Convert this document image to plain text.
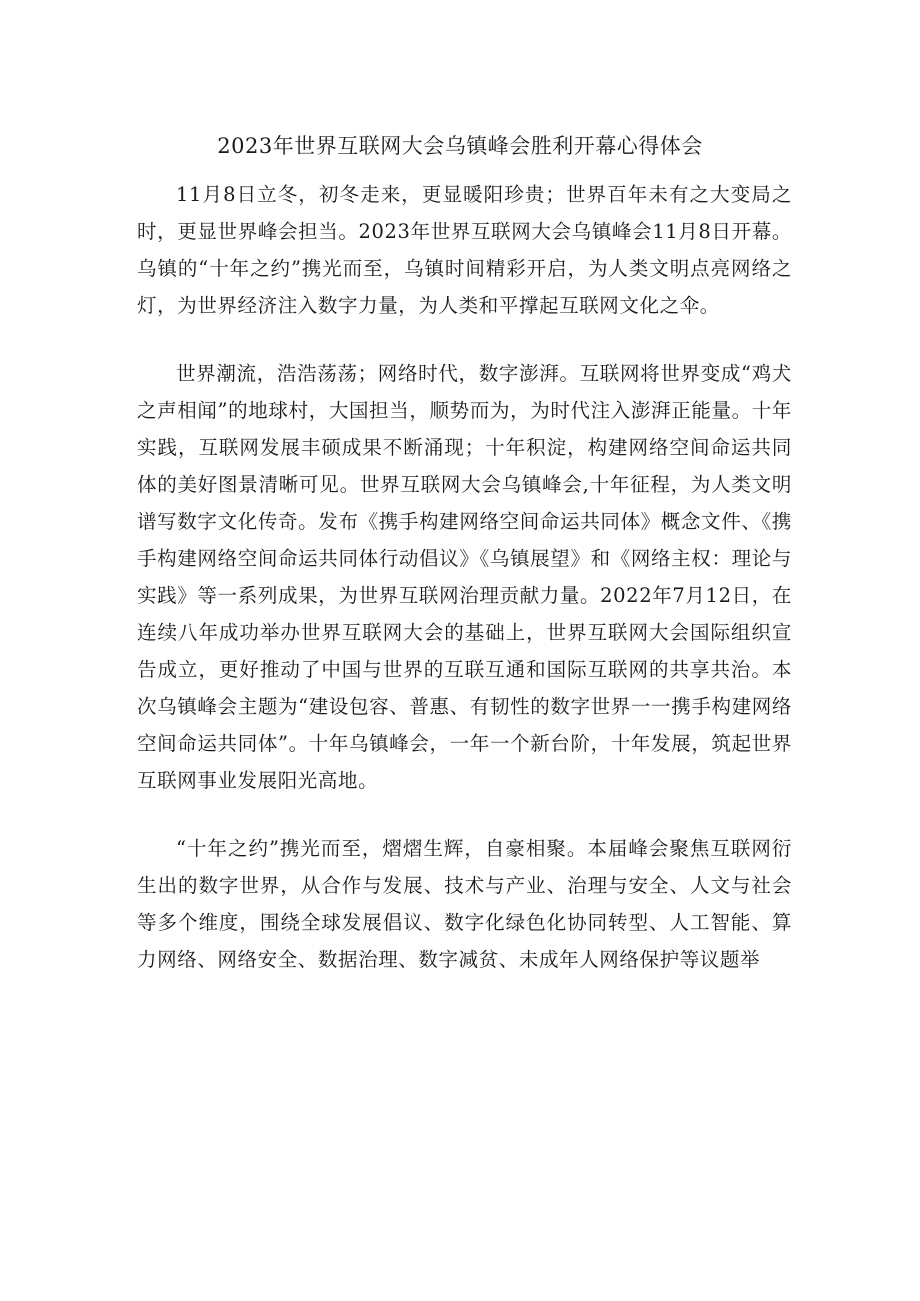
2023年世界互联网大会乌镇峰会胜利开幕心得体会

11月8日立冬，初冬走来，更显暖阳珍贵；世界百年未有之大变局之时，更显世界峰会担当。2023年世界互联网大会乌镇峰会11月8日开幕。乌镇的“十年之约”携光而至，乌镇时间精彩开启，为人类文明点亮网络之灯，为世界经济注入数字力量，为人类和平撑起互联网文化之伞。

世界潮流，浩浩荡荡；网络时代，数字澎湃。互联网将世界变成“鸡犬之声相闻”的地球村，大国担当，顺势而为，为时代注入澎湃正能量。十年实践，互联网发展丰硕成果不断涌现；十年积淀，构建网络空间命运共同体的美好图景清晰可见。世界互联网大会乌镇峰会,十年征程，为人类文明谱写数字文化传奇。发布《携手构建网络空间命运共同体》概念文件、《携手构建网络空间命运共同体行动倡议》《乌镇展望》和《网络主权：理论与实践》等一系列成果，为世界互联网治理贡献力量。2022年7月12日，在连续八年成功举办世界互联网大会的基础上，世界互联网大会国际组织宣告成立，更好推动了中国与世界的互联互通和国际互联网的共享共治。本次乌镇峰会主题为“建设包容、普惠、有韧性的数字世界一一携手构建网络空间命运共同体”。十年乌镇峰会，一年一个新台阶，十年发展，筑起世界互联网事业发展阳光高地。

“十年之约”携光而至，熠熠生辉，自豪相聚。本届峰会聚焦互联网衍生出的数字世界，从合作与发展、技术与产业、治理与安全、人文与社会等多个维度，围绕全球发展倡议、数字化绿色化协同转型、人工智能、算力网络、网络安全、数据治理、数字减贫、未成年人网络保护等议题举
